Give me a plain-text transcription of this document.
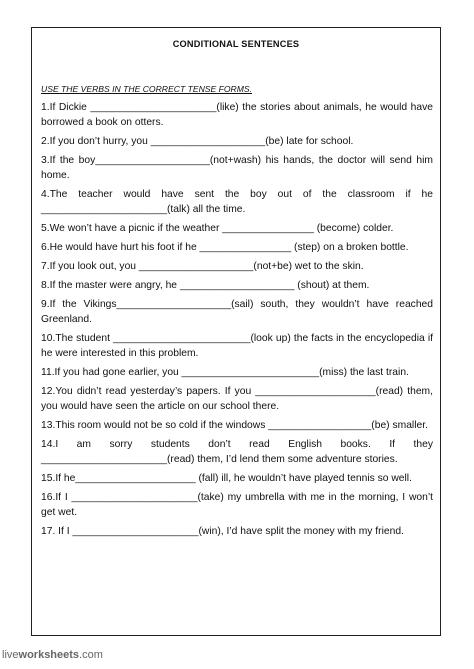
CONDITIONAL SENTENCES
USE THE VERBS IN THE CORRECT TENSE FORMS.

1.If Dickie ______________________(like) the stories about animals, he would have borrowed a book on otters.

2.If you don’t hurry, you ____________________(be) late for school.

3.If the boy____________________(not+wash) his hands, the doctor will send him home.

4.The teacher would have sent the boy out of the classroom if he ______________________(talk) all the time.

5.We won’t have a picnic if the weather ________________ (become) colder.

6.He would have hurt his foot if he ________________ (step) on a broken bottle.

7.If you look out, you ____________________(not+be) wet to the skin.

8.If the master were angry, he ____________________ (shout) at them.

9.If the Vikings____________________(sail) south, they wouldn’t have reached Greenland.

10.The student ________________________(look up) the facts in the encyclopedia if he were interested in this problem.

11.If you had gone earlier, you ________________________(miss) the last train.

12.You didn’t read yesterday’s papers. If you _____________________(read) them, you would have seen the article on our school there.

13.This room would not be so cold if the windows __________________(be) smaller.

14.I am sorry students don’t read English books. If they ______________________(read) them, I’d lend them some adventure stories.

15.If he_____________________ (fall) ill, he wouldn’t have played tennis so well.

16.If I ______________________(take) my umbrella with me in the morning, I won’t get wet.

17. If I ______________________(win), I’d have split the money with my friend.

liveworksheets.com
